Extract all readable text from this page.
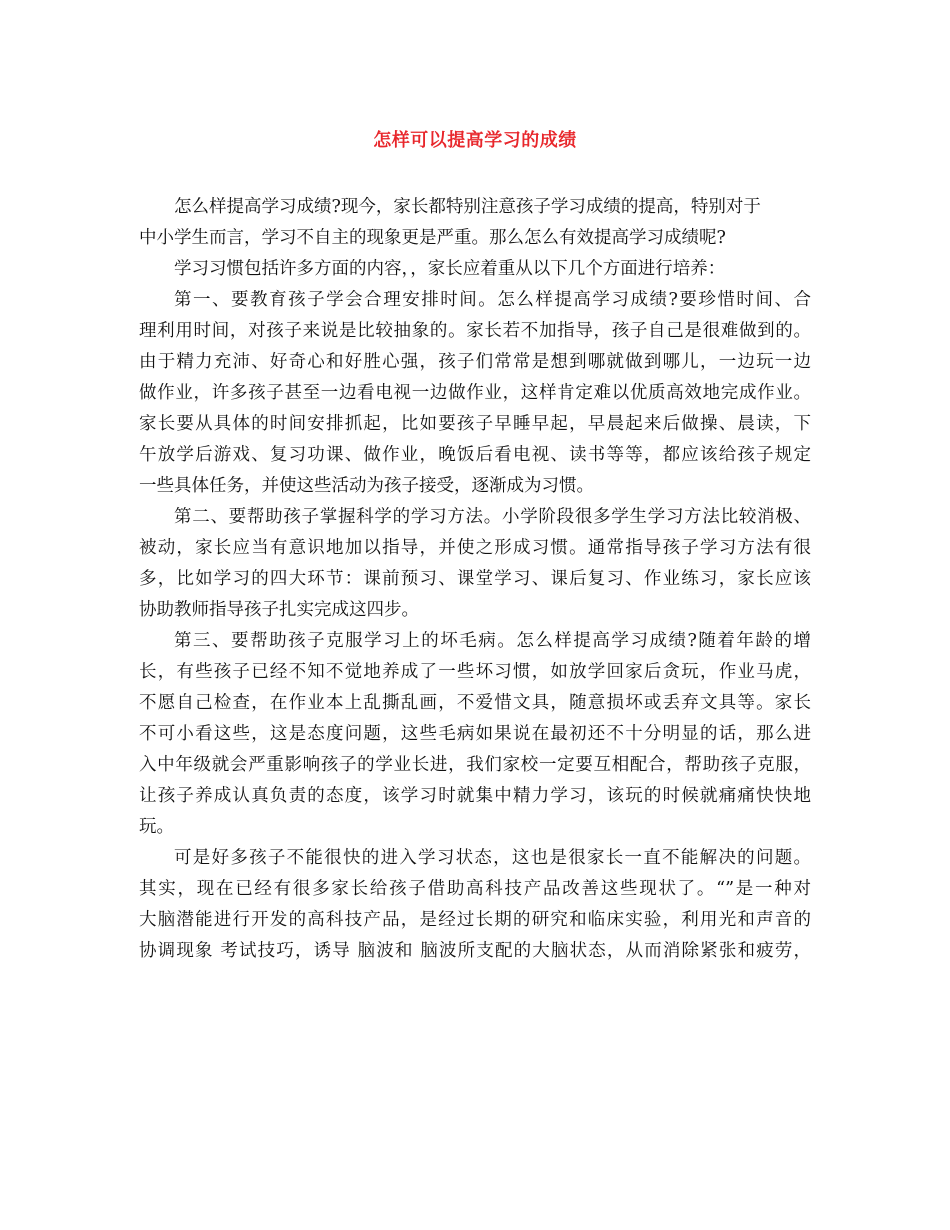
怎样可以提高学习的成绩
怎么样提高学习成绩?现今，家长都特别注意孩子学习成绩的提高，特别对于
中小学生而言，学习不自主的现象更是严重。那么怎么有效提高学习成绩呢?
学习习惯包括许多方面的内容，，家长应着重从以下几个方面进行培养：
第一、要教育孩子学会合理安排时间。怎么样提高学习成绩?要珍惜时间、合
理利用时间，对孩子来说是比较抽象的。家长若不加指导，孩子自己是很难做到的。
由于精力充沛、好奇心和好胜心强，孩子们常常是想到哪就做到哪儿，一边玩一边
做作业，许多孩子甚至一边看电视一边做作业，这样肯定难以优质高效地完成作业。
家长要从具体的时间安排抓起，比如要孩子早睡早起，早晨起来后做操、晨读，下
午放学后游戏、复习功课、做作业，晚饭后看电视、读书等等，都应该给孩子规定
一些具体任务，并使这些活动为孩子接受，逐渐成为习惯。
第二、要帮助孩子掌握科学的学习方法。小学阶段很多学生学习方法比较消极、
被动，家长应当有意识地加以指导，并使之形成习惯。通常指导孩子学习方法有很
多，比如学习的四大环节：课前预习、课堂学习、课后复习、作业练习，家长应该
协助教师指导孩子扎实完成这四步。
第三、要帮助孩子克服学习上的坏毛病。怎么样提高学习成绩?随着年龄的增
长，有些孩子已经不知不觉地养成了一些坏习惯，如放学回家后贪玩，作业马虎，
不愿自己检查，在作业本上乱撕乱画，不爱惜文具，随意损坏或丢弃文具等。家长
不可小看这些，这是态度问题，这些毛病如果说在最初还不十分明显的话，那么进
入中年级就会严重影响孩子的学业长进，我们家校一定要互相配合，帮助孩子克服，
让孩子养成认真负责的态度，该学习时就集中精力学习，该玩的时候就痛痛快快地
玩。
可是好多孩子不能很快的进入学习状态，这也是很家长一直不能解决的问题。
其实，现在已经有很多家长给孩子借助高科技产品改善这些现状了。“”是一种对
大脑潜能进行开发的高科技产品，是经过长期的研究和临床实验，利用光和声音的
协调现象 考试技巧，诱导 脑波和 脑波所支配的大脑状态，从而消除紧张和疲劳，
